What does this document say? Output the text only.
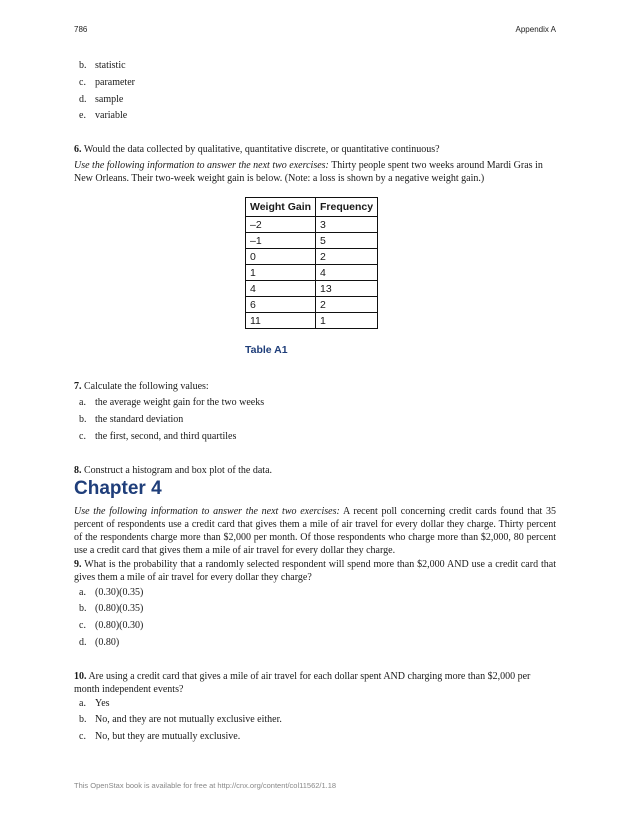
786	Appendix A
b. statistic
c. parameter
d. sample
e. variable
6. Would the data collected by qualitative, quantitative discrete, or quantitative continuous?
Use the following information to answer the next two exercises: Thirty people spent two weeks around Mardi Gras in New Orleans. Their two-week weight gain is below. (Note: a loss is shown by a negative weight gain.)
Weight Gain	Frequency
–2	3
–1	5
0	2
1	4
4	13
6	2
11	1
Table A1
7. Calculate the following values:
a. the average weight gain for the two weeks
b. the standard deviation
c. the first, second, and third quartiles
8. Construct a histogram and box plot of the data.
Chapter 4
Use the following information to answer the next two exercises: A recent poll concerning credit cards found that 35 percent of respondents use a credit card that gives them a mile of air travel for every dollar they charge. Thirty percent of the respondents charge more than $2,000 per month. Of those respondents who charge more than $2,000, 80 percent use a credit card that gives them a mile of air travel for every dollar they charge.
9. What is the probability that a randomly selected respondent will spend more than $2,000 AND use a credit card that gives them a mile of air travel for every dollar they charge?
a. (0.30)(0.35)
b. (0.80)(0.35)
c. (0.80)(0.30)
d. (0.80)
10. Are using a credit card that gives a mile of air travel for each dollar spent AND charging more than $2,000 per month independent events?
a. Yes
b. No, and they are not mutually exclusive either.
c. No, but they are mutually exclusive.
This OpenStax book is available for free at http://cnx.org/content/col11562/1.18
